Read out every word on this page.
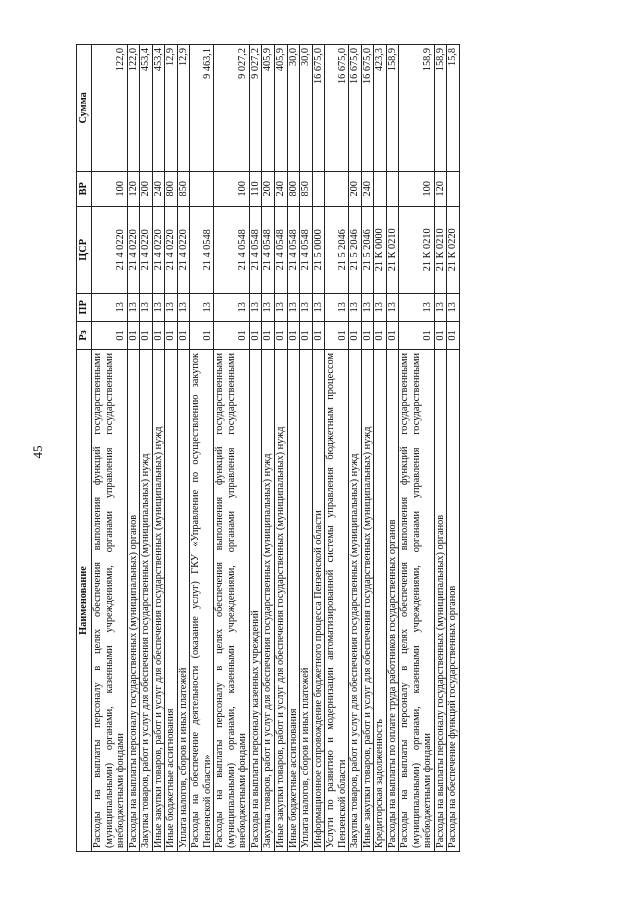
45
Наименование	Рз	ПР	ЦСР	ВР	Сумма
Расходы на выплаты персоналу в целях обеспечения выполнения функций государственными (муниципальными) органами, казенными учреждениями, органами управления государственными внебюджетными фондами	01	13	21 4 0220	100	122,0
Расходы на выплаты персоналу государственных (муниципальных) органов	01	13	21 4 0220	120	122,0
Закупка товаров, работ и услуг для обеспечения государственных (муниципальных) нужд	01	13	21 4 0220	200	453,4
Иные закупки товаров, работ и услуг для обеспечения государственных (муниципальных) нужд	01	13	21 4 0220	240	453,4
Иные бюджетные ассигнования	01	13	21 4 0220	800	12,9
Уплата налогов, сборов и иных платежей	01	13	21 4 0220	850	12,9
Расходы на обеспечение деятельности (оказание услуг) ГКУ «Управление по осуществлению закупок Пензенской области»	01	13	21 4 0548		9 463,1
Расходы на выплаты персоналу в целях обеспечения выполнения функций государственными (муниципальными) органами, казенными учреждениями, органами управления государственными внебюджетными фондами	01	13	21 4 0548	100	9 027,2
Расходы на выплаты персоналу казенных учреждений	01	13	21 4 0548	110	9 027,2
Закупка товаров, работ и услуг для обеспечения государственных (муниципальных) нужд	01	13	21 4 0548	200	405,9
Иные закупки товаров, работ и услуг для обеспечения государственных (муниципальных) нужд	01	13	21 4 0548	240	405,9
Иные бюджетные ассигнования	01	13	21 4 0548	800	30,0
Уплата налогов, сборов и иных платежей	01	13	21 4 0548	850	30,0
Информационное сопровождение бюджетного процесса Пензенской области	01	13	21 5 0000		16 675,0
Услуги по развитию и модернизации автоматизированной системы управления бюджетным процессом Пензенской области	01	13	21 5 2046		16 675,0
Закупка товаров, работ и услуг для обеспечения государственных (муниципальных) нужд	01	13	21 5 2046	200	16 675,0
Иные закупки товаров, работ и услуг для обеспечения государственных (муниципальных) нужд	01	13	21 5 2046	240	16 675,0
Кредиторская задолженность	01	13	21 К 0000		423,3
Расходы на выплаты по оплате труда работников государственных органов	01	13	21 К 0210		158,9
Расходы на выплаты персоналу в целях обеспечения выполнения функций государственными (муниципальными) органами, казенными учреждениями, органами управления государственными внебюджетными фондами	01	13	21 К 0210	100	158,9
Расходы на выплаты персоналу государственных (муниципальных) органов	01	13	21 К 0210	120	158,9
Расходы на обеспечение функций государственных органов	01	13	21 К 0220		15,8
